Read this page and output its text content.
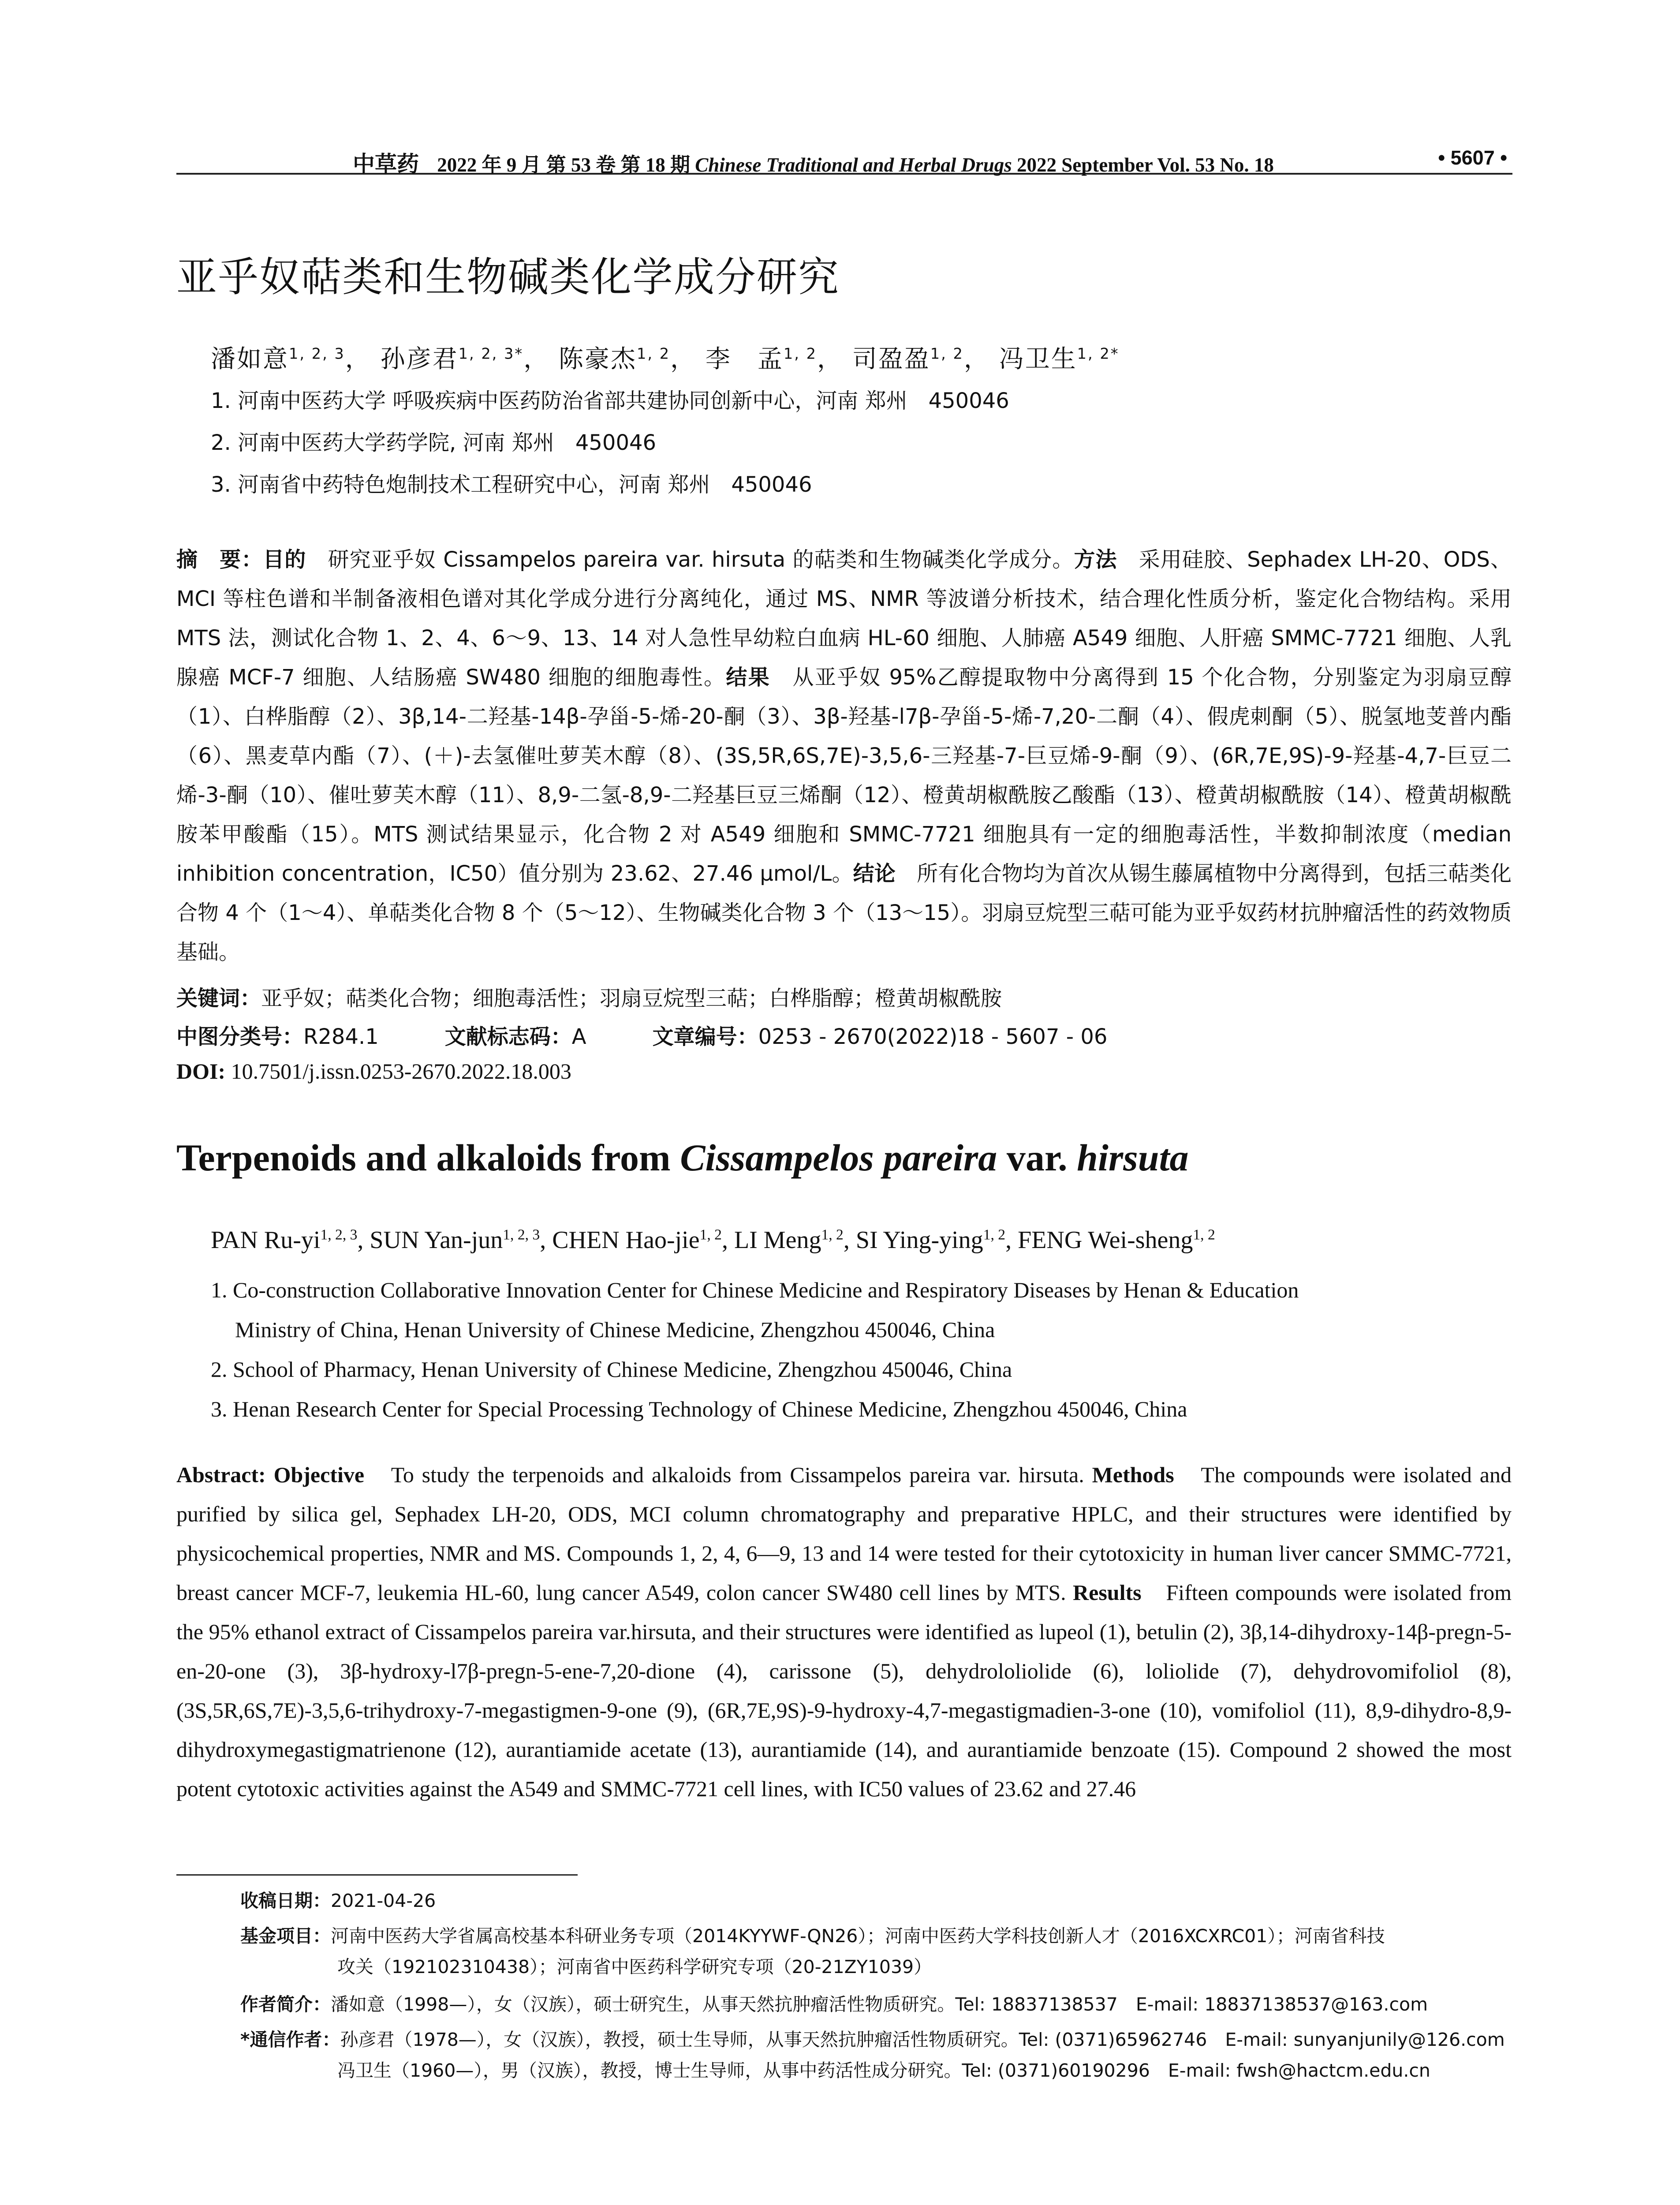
中草药 2022 年 9 月 第 53 卷 第 18 期 Chinese Traditional and Herbal Drugs 2022 September Vol. 53 No. 18	• 5607 •
亚乎奴萜类和生物碱类化学成分研究
潘如意$^{1, 2, 3}$， 孙彦君$^{1, 2, 3*}$， 陈豪杰$^{1, 2}$， 李　孟$^{1, 2}$， 司盈盈$^{1, 2}$， 冯卫生$^{1, 2*}$
1. 河南中医药大学 呼吸疾病中医药防治省部共建协同创新中心，河南 郑州　450046
2. 河南中医药大学药学院, 河南 郑州　450046
3. 河南省中药特色炮制技术工程研究中心，河南 郑州　450046
摘　要：目的　研究亚乎奴 Cissampelos pareira var. hirsuta 的萜类和生物碱类化学成分。方法　采用硅胶、Sephadex LH-20、ODS、MCI 等柱色谱和半制备液相色谱对其化学成分进行分离纯化，通过 MS、NMR 等波谱分析技术，结合理化性质分析，鉴定化合物结构。采用 MTS 法，测试化合物 1、2、4、6～9、13、14 对人急性早幼粒白血病 HL-60 细胞、人肺癌 A549 细胞、人肝癌 SMMC-7721 细胞、人乳腺癌 MCF-7 细胞、人结肠癌 SW480 细胞的细胞毒性。结果　从亚乎奴 95%乙醇提取物中分离得到 15 个化合物，分别鉴定为羽扇豆醇（1）、白桦脂醇（2）、3β,14-二羟基-14β-孕甾-5-烯-20-酮（3）、3β-羟基-l7β-孕甾-5-烯-7,20-二酮（4）、假虎刺酮（5）、脱氢地芰普内酯（6）、黑麦草内酯（7）、(＋)-去氢催吐萝芙木醇（8）、(3S,5R,6S,7E)-3,5,6-三羟基-7-巨豆烯-9-酮（9）、(6R,7E,9S)-9-羟基-4,7-巨豆二烯-3-酮（10）、催吐萝芙木醇（11）、8,9-二氢-8,9-二羟基巨豆三烯酮（12）、橙黄胡椒酰胺乙酸酯（13）、橙黄胡椒酰胺（14）、橙黄胡椒酰胺苯甲酸酯（15）。MTS 测试结果显示，化合物 2 对 A549 细胞和 SMMC-7721 细胞具有一定的细胞毒活性，半数抑制浓度（median inhibition concentration，IC50）值分别为 23.62、27.46 μmol/L。结论　所有化合物均为首次从锡生藤属植物中分离得到，包括三萜类化合物 4 个（1～4）、单萜类化合物 8 个（5～12）、生物碱类化合物 3 个（13～15）。羽扇豆烷型三萜可能为亚乎奴药材抗肿瘤活性的药效物质基础。
关键词：亚乎奴；萜类化合物；细胞毒活性；羽扇豆烷型三萜；白桦脂醇；橙黄胡椒酰胺
中图分类号：R284.1	文献标志码：A	文章编号：0253 - 2670(2022)18 - 5607 - 06
DOI: 10.7501/j.issn.0253-2670.2022.18.003
Terpenoids and alkaloids from Cissampelos pareira var. hirsuta
PAN Ru-yi$^{1, 2, 3}$, SUN Yan-jun$^{1, 2, 3}$, CHEN Hao-jie$^{1, 2}$, LI Meng$^{1, 2}$, SI Ying-ying$^{1, 2}$, FENG Wei-sheng$^{1, 2}$
1. Co-construction Collaborative Innovation Center for Chinese Medicine and Respiratory Diseases by Henan & Education
Ministry of China, Henan University of Chinese Medicine, Zhengzhou 450046, China
2. School of Pharmacy, Henan University of Chinese Medicine, Zhengzhou 450046, China
3. Henan Research Center for Special Processing Technology of Chinese Medicine, Zhengzhou 450046, China
Abstract: Objective　To study the terpenoids and alkaloids from Cissampelos pareira var. hirsuta. Methods　The compounds were isolated and purified by silica gel, Sephadex LH-20, ODS, MCI column chromatography and preparative HPLC, and their structures were identified by physicochemical properties, NMR and MS. Compounds 1, 2, 4, 6—9, 13 and 14 were tested for their cytotoxicity in human liver cancer SMMC-7721, breast cancer MCF-7, leukemia HL-60, lung cancer A549, colon cancer SW480 cell lines by MTS. Results　Fifteen compounds were isolated from the 95% ethanol extract of Cissampelos pareira var.hirsuta, and their structures were identified as lupeol (1), betulin (2), 3β,14-dihydroxy-14β-pregn-5-en-20-one (3), 3β-hydroxy-l7β-pregn-5-ene-7,20-dione (4), carissone (5), dehydrololiolide (6), loliolide (7), dehydrovomifoliol (8), (3S,5R,6S,7E)-3,5,6-trihydroxy-7-megastigmen-9-one (9), (6R,7E,9S)-9-hydroxy-4,7-megastigmadien-3-one (10), vomifoliol (11), 8,9-dihydro-8,9-dihydroxymegastigmatrienone (12), aurantiamide acetate (13), aurantiamide (14), and aurantiamide benzoate (15). Compound 2 showed the most potent cytotoxic activities against the A549 and SMMC-7721 cell lines, with IC50 values of 23.62 and 27.46
收稿日期：2021-04-26
基金项目：河南中医药大学省属高校基本科研业务专项（2014KYYWF-QN26）；河南中医药大学科技创新人才（2016XCXRC01）；河南省科技
攻关（192102310438）；河南省中医药科学研究专项（20-21ZY1039）
作者简介：潘如意（1998—），女（汉族），硕士研究生，从事天然抗肿瘤活性物质研究。Tel: 18837138537　E-mail: 18837138537@163.com
*通信作者：孙彦君（1978—），女（汉族），教授，硕士生导师，从事天然抗肿瘤活性物质研究。Tel: (0371)65962746　E-mail: sunyanjunily@126.com
冯卫生（1960—），男（汉族），教授，博士生导师，从事中药活性成分研究。Tel: (0371)60190296　E-mail: fwsh@hactcm.edu.cn
